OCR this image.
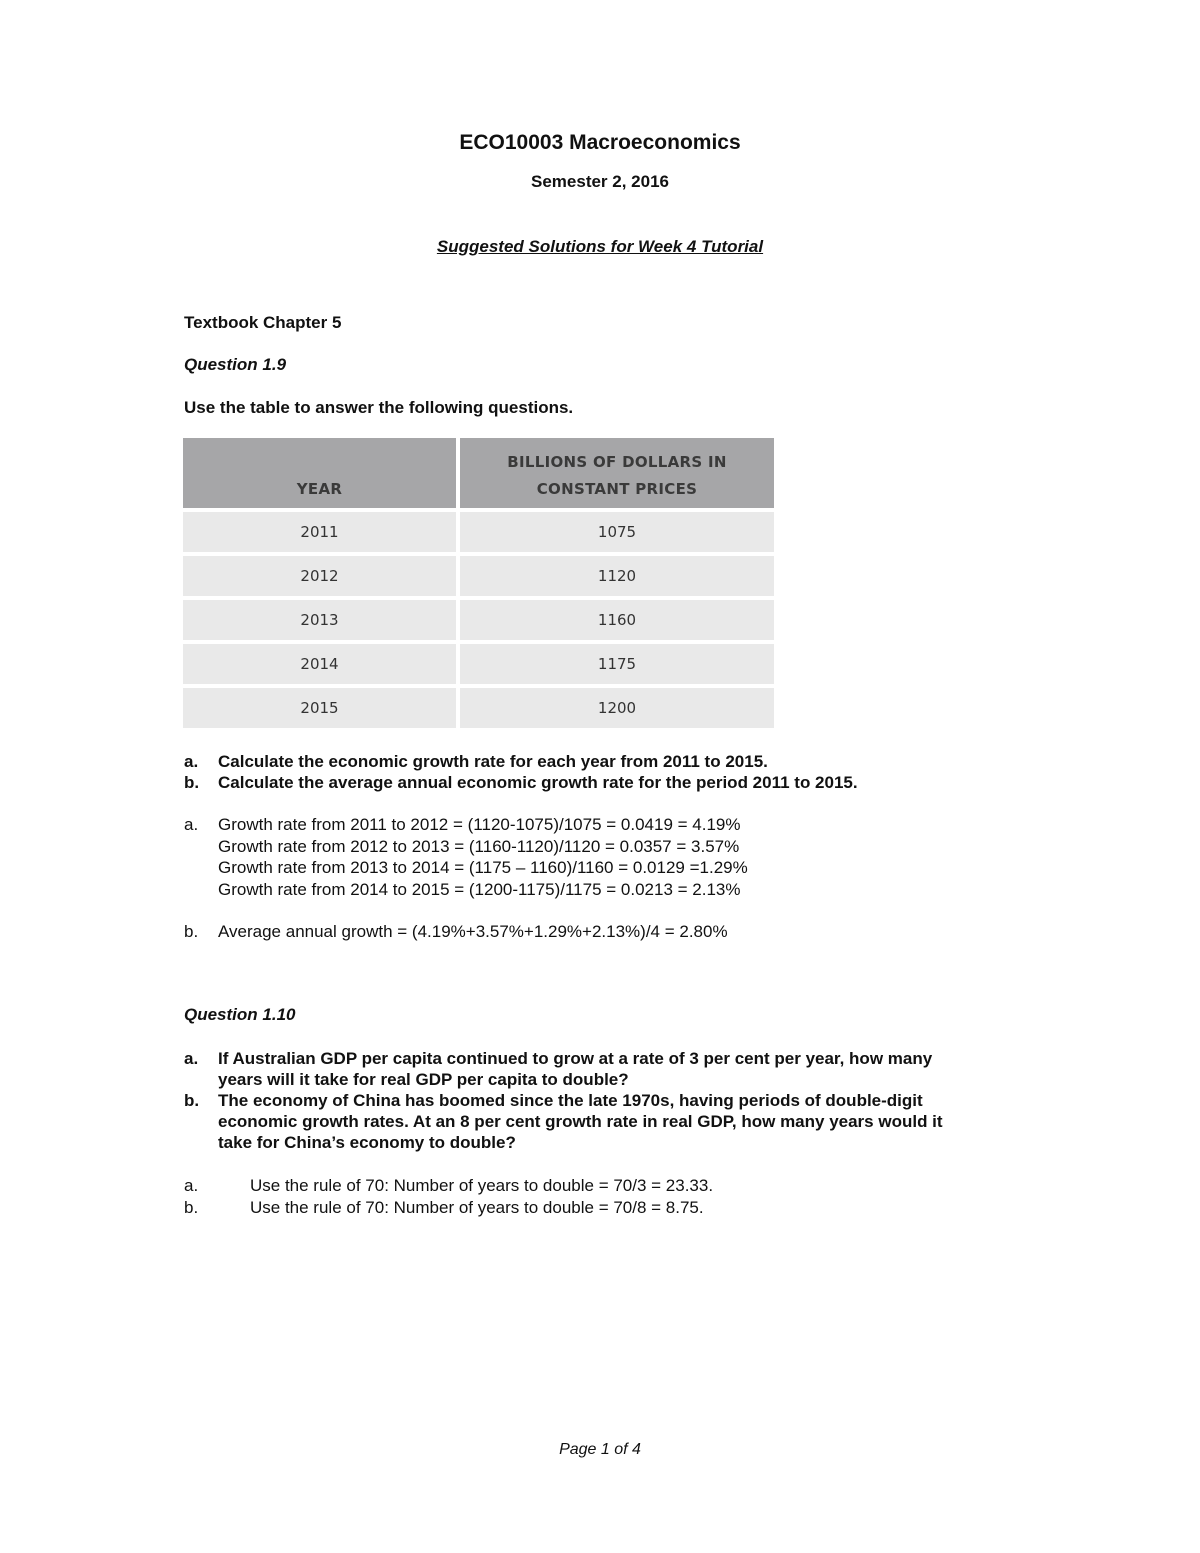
ECO10003 Macroeconomics
Semester 2, 2016
Suggested Solutions for Week 4 Tutorial
Textbook Chapter 5
Question 1.9
Use the table to answer the following questions.
YEAR	BILLIONS OF DOLLARS IN
CONSTANT PRICES

2011	1075
2012	1120
2013	1160
2014	1175
2015	1200
a.	Calculate the economic growth rate for each year from 2011 to 2015.
b.	Calculate the average annual economic growth rate for the period 2011 to 2015.
a.	Growth rate from 2011 to 2012 = (1120-1075)/1075 = 0.0419 = 4.19%
Growth rate from 2012 to 2013 = (1160-1120)/1120 = 0.0357 = 3.57%
Growth rate from 2013 to 2014 = (1175 – 1160)/1160 = 0.0129 =1.29%
Growth rate from 2014 to 2015 = (1200-1175)/1175 = 0.0213 = 2.13%
b.	Average annual growth = (4.19%+3.57%+1.29%+2.13%)/4 = 2.80%
Question 1.10
a.	If Australian GDP per capita continued to grow at a rate of 3 per cent per year, how many
years will it take for real GDP per capita to double?
b.	The economy of China has boomed since the late 1970s, having periods of double-digit
economic growth rates. At an 8 per cent growth rate in real GDP, how many years would it
take for China’s economy to double?
a.	Use the rule of 70: Number of years to double = 70/3 = 23.33.
b.	Use the rule of 70: Number of years to double = 70/8 = 8.75.
Page 1 of 4
